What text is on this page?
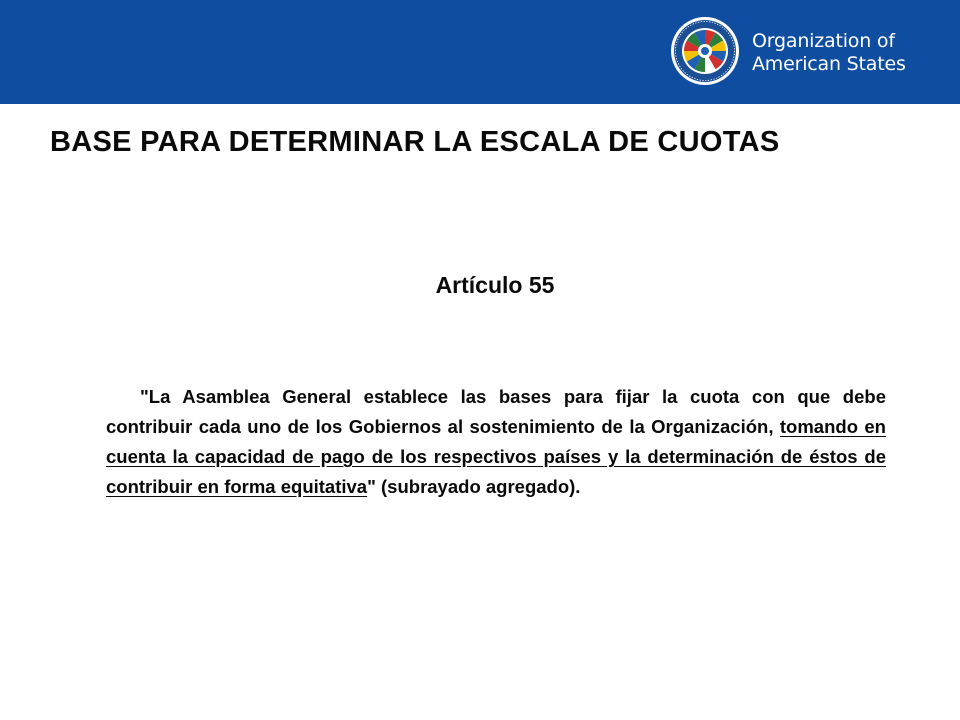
Organization of
American States
BASE PARA DETERMINAR LA ESCALA DE CUOTAS
Artículo 55

"La Asamblea General establece las bases para fijar la cuota con que debe contribuir cada uno de los Gobiernos al sostenimiento de la Organización, tomando en cuenta la capacidad de pago de los respectivos países y la determinación de éstos de contribuir en forma equitativa" (subrayado agregado).
